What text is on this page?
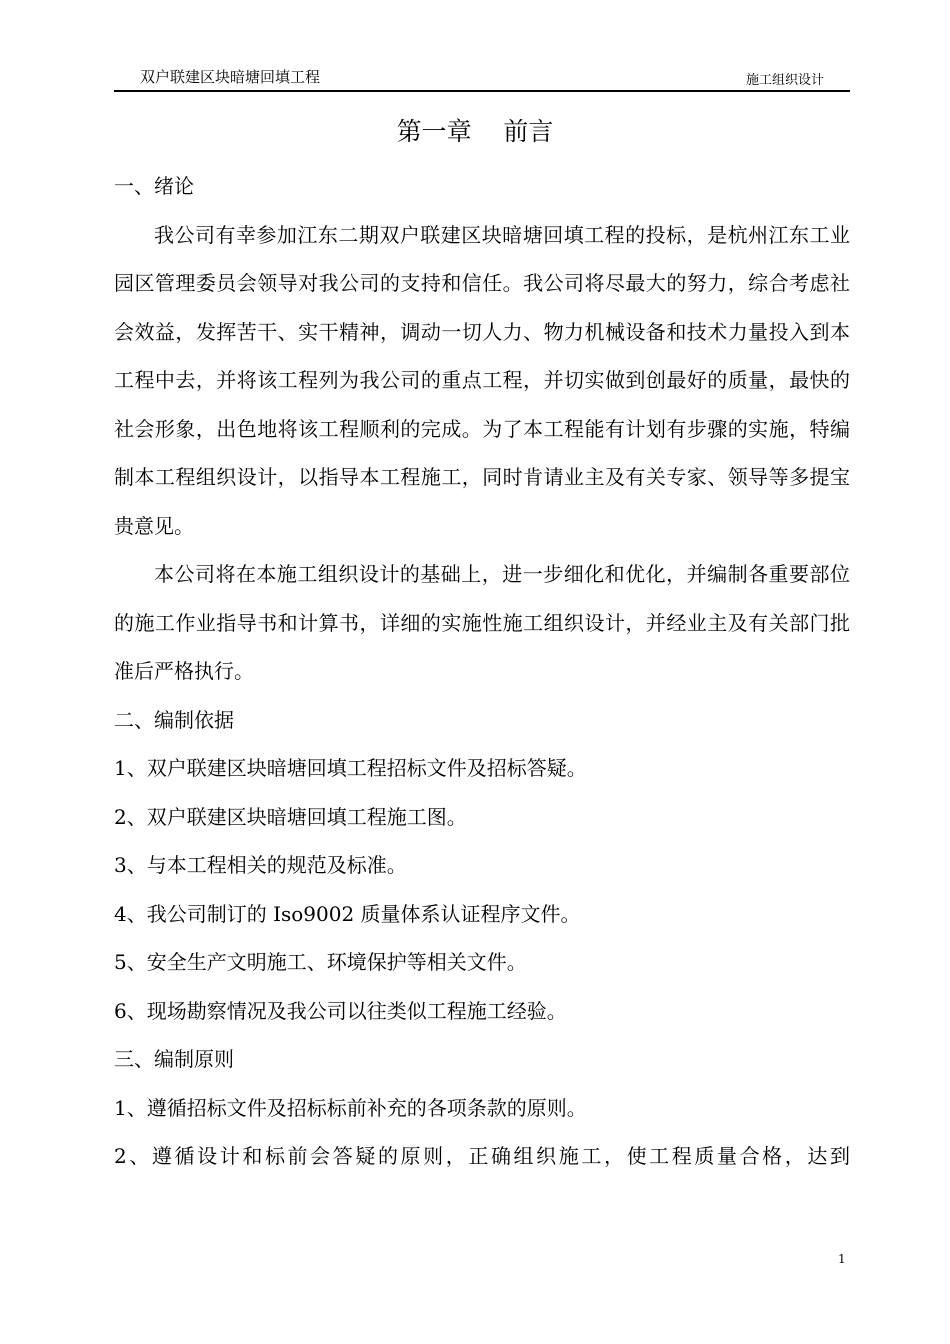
双户联建区块暗塘回填工程	施工组织设计
第一章    前言

一、绪论

我公司有幸参加江东二期双户联建区块暗塘回填工程的投标，是杭州江东工业园区管理委员会领导对我公司的支持和信任。我公司将尽最大的努力，综合考虑社会效益，发挥苦干、实干精神，调动一切人力、物力机械设备和技术力量投入到本工程中去，并将该工程列为我公司的重点工程，并切实做到创最好的质量，最快的社会形象，出色地将该工程顺利的完成。为了本工程能有计划有步骤的实施，特编制本工程组织设计，以指导本工程施工，同时肯请业主及有关专家、领导等多提宝贵意见。

本公司将在本施工组织设计的基础上，进一步细化和优化，并编制各重要部位的施工作业指导书和计算书，详细的实施性施工组织设计，并经业主及有关部门批准后严格执行。

二、编制依据

1、双户联建区块暗塘回填工程招标文件及招标答疑。

2、双户联建区块暗塘回填工程施工图。

3、与本工程相关的规范及标准。

4、我公司制订的 Iso9002 质量体系认证程序文件。

5、安全生产文明施工、环境保护等相关文件。

6、现场勘察情况及我公司以往类似工程施工经验。

三、编制原则

1、遵循招标文件及招标标前补充的各项条款的原则。

2、遵循设计和标前会答疑的原则，正确组织施工，使工程质量合格，达到

1
